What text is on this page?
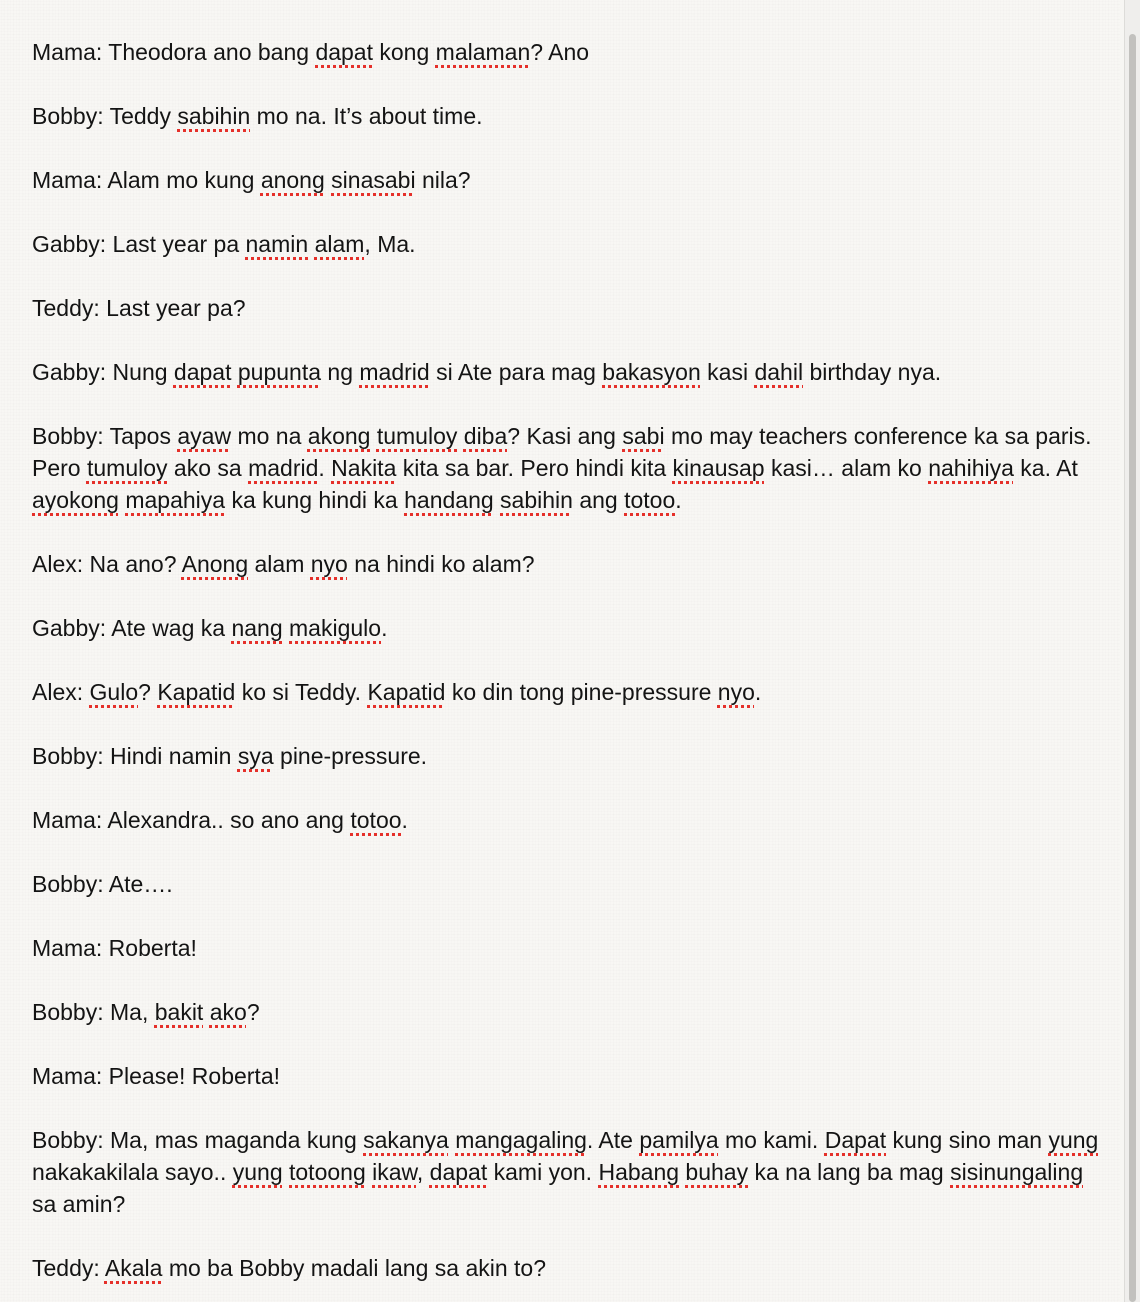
Mama: Theodora ano bang dapat kong malaman? Ano

Bobby: Teddy sabihin mo na. It’s about time.

Mama: Alam mo kung anong sinasabi nila?

Gabby: Last year pa namin alam, Ma.

Teddy: Last year pa?

Gabby: Nung dapat pupunta ng madrid si Ate para mag bakasyon kasi dahil birthday nya.

Bobby: Tapos ayaw mo na akong tumuloy diba? Kasi ang sabi mo may teachers conference ka sa paris. Pero tumuloy ako sa madrid. Nakita kita sa bar. Pero hindi kita kinausap kasi… alam ko nahihiya ka. At ayokong mapahiya ka kung hindi ka handang sabihin ang totoo.

Alex: Na ano? Anong alam nyo na hindi ko alam?

Gabby: Ate wag ka nang makigulo.

Alex: Gulo? Kapatid ko si Teddy. Kapatid ko din tong pine-pressure nyo.

Bobby: Hindi namin sya pine-pressure.

Mama: Alexandra.. so ano ang totoo.

Bobby: Ate….

Mama: Roberta!

Bobby: Ma, bakit ako?

Mama: Please! Roberta!

Bobby: Ma, mas maganda kung sakanya mangagaling. Ate pamilya mo kami. Dapat kung sino man yung nakakakilala sayo.. yung totoong ikaw, dapat kami yon. Habang buhay ka na lang ba mag sisinungaling sa amin?

Teddy: Akala mo ba Bobby madali lang sa akin to?
